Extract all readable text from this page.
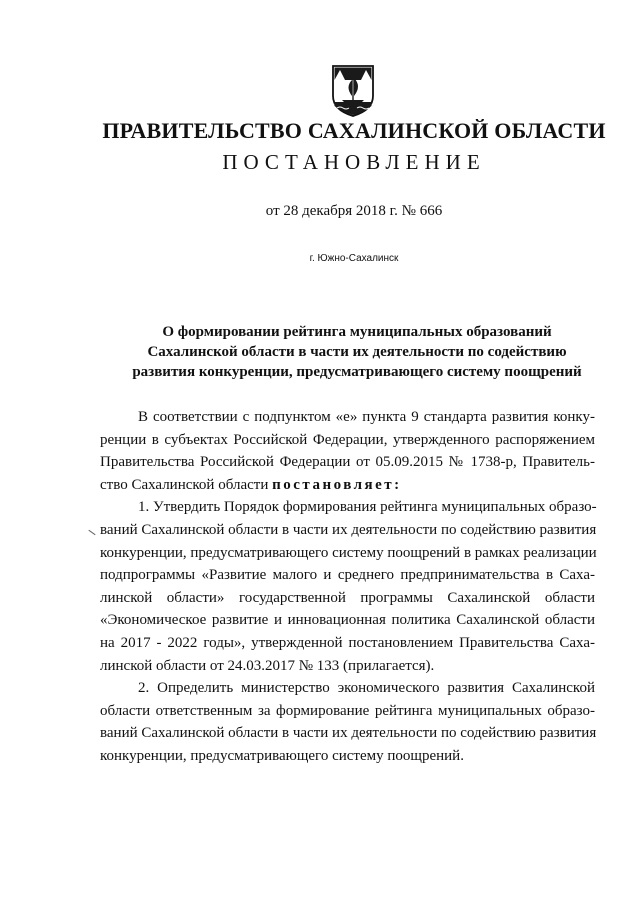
ПРАВИТЕЛЬСТВО САХАЛИНСКОЙ ОБЛАСТИ
ПОСТАНОВЛЕНИЕ
от 28 декабря 2018 г. № 666
г. Южно-Сахалинск
О формировании рейтинга муниципальных образований
Сахалинской области в части их деятельности по содействию
развития конкуренции, предусматривающего систему поощрений
В соответствии с подпунктом «е» пункта 9 стандарта развития конку-
ренции в субъектах Российской Федерации, утвержденного распоряжением
Правительства Российской Федерации от 05.09.2015 № 1738-р, Правитель-
ство Сахалинской области постановляет:
1. Утвердить Порядок формирования рейтинга муниципальных образо-
ваний Сахалинской области в части их деятельности по содействию развития
конкуренции, предусматривающего систему поощрений в рамках реализации
подпрограммы «Развитие малого и среднего предпринимательства в Саха-
линской области» государственной программы Сахалинской области
«Экономическое развитие и инновационная политика Сахалинской области
на 2017 - 2022 годы», утвержденной постановлением Правительства Саха-
линской области от 24.03.2017 № 133 (прилагается).
2. Определить министерство экономического развития Сахалинской
области ответственным за формирование рейтинга муниципальных образо-
ваний Сахалинской области в части их деятельности по содействию развития
конкуренции, предусматривающего систему поощрений.
